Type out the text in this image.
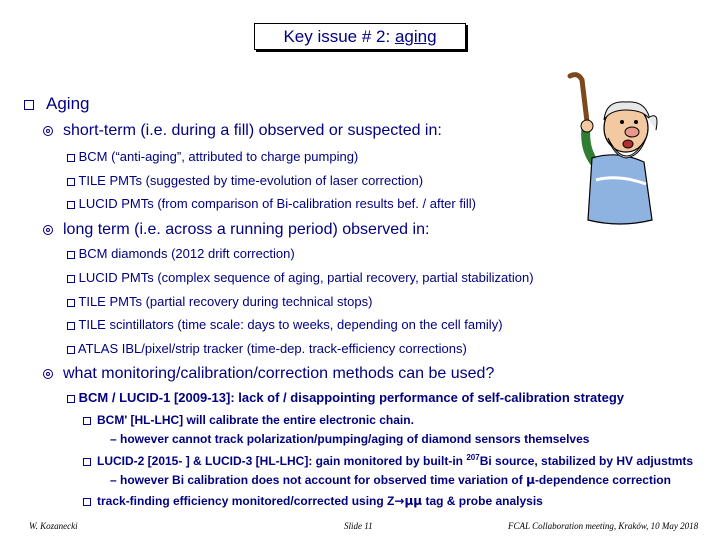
Key issue # 2: aging
Aging
short-term (i.e. during a fill) observed or suspected in:
BCM (“anti-aging”, attributed to charge pumping)
TILE PMTs (suggested by time-evolution of laser correction)
LUCID PMTs (from comparison of Bi-calibration results bef. / after fill)
long term (i.e. across a running period) observed in:
BCM diamonds (2012 drift correction)
LUCID PMTs (complex sequence of aging, partial recovery, partial stabilization)
TILE PMTs (partial recovery during technical stops)
TILE scintillators (time scale: days to weeks, depending on the cell family)
ATLAS IBL/pixel/strip tracker (time-dep. track-efficiency corrections)
what monitoring/calibration/correction methods can be used?
BCM / LUCID-1 [2009-13]: lack of / disappointing performance of self-calibration strategy
BCM' [HL-LHC] will calibrate the entire electronic chain.
– however cannot track polarization/pumping/aging of diamond sensors themselves
LUCID-2 [2015- ] & LUCID-3 [HL-LHC]: gain monitored by built-in $^{207}$Bi source, stabilized by HV adjustmts
– however Bi calibration does not account for observed time variation of μ-dependence correction
track-finding efficiency monitored/corrected using Z→μμ tag & probe analysis
W. Kozanecki	Slide 11	FCAL Collaboration meeting, Kraków, 10 May 2018
